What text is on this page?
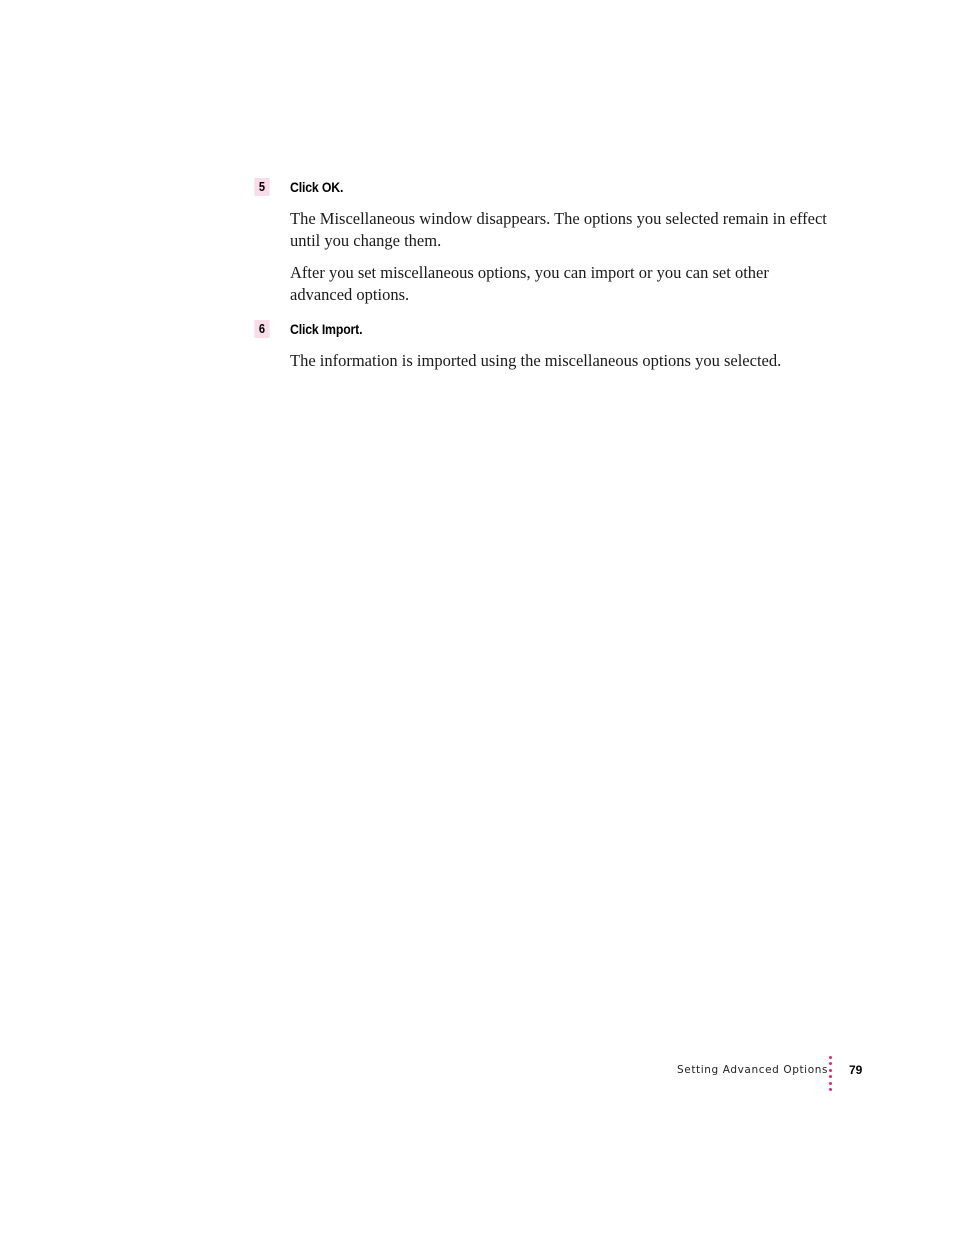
5	Click OK.

The Miscellaneous window disappears. The options you selected remain in effect until you change them.

After you set miscellaneous options, you can import or you can set other advanced options.

6	Click Import.

The information is imported using the miscellaneous options you selected.

Setting Advanced Options 79
